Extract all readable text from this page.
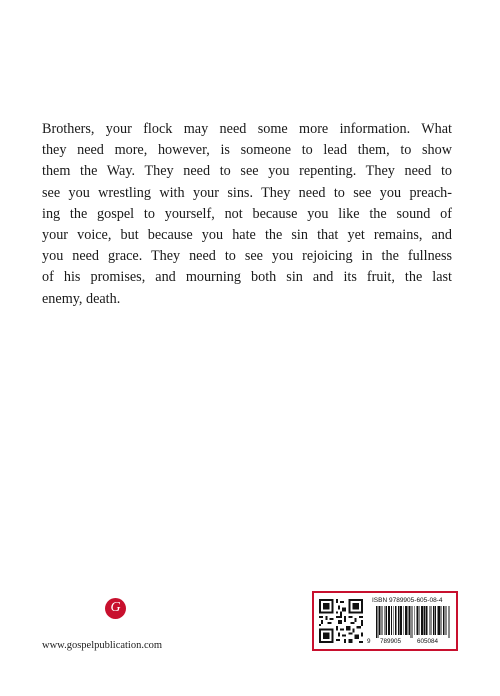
Brothers, your flock may need some more information. What
they need more, however, is someone to lead them, to show
them the Way. They need to see you repenting. They need to
see you wrestling with your sins. They need to see you preach-
ing the gospel to yourself, not because you like the sound of
your voice, but because you hate the sin that yet remains, and
you need grace. They need to see you rejoicing in the fullness
of his promises, and mourning both sin and its fruit, the last
enemy, death.
G
www.gospelpublication.com
ISBN 9789905-605-08-4
9 789905	605084
